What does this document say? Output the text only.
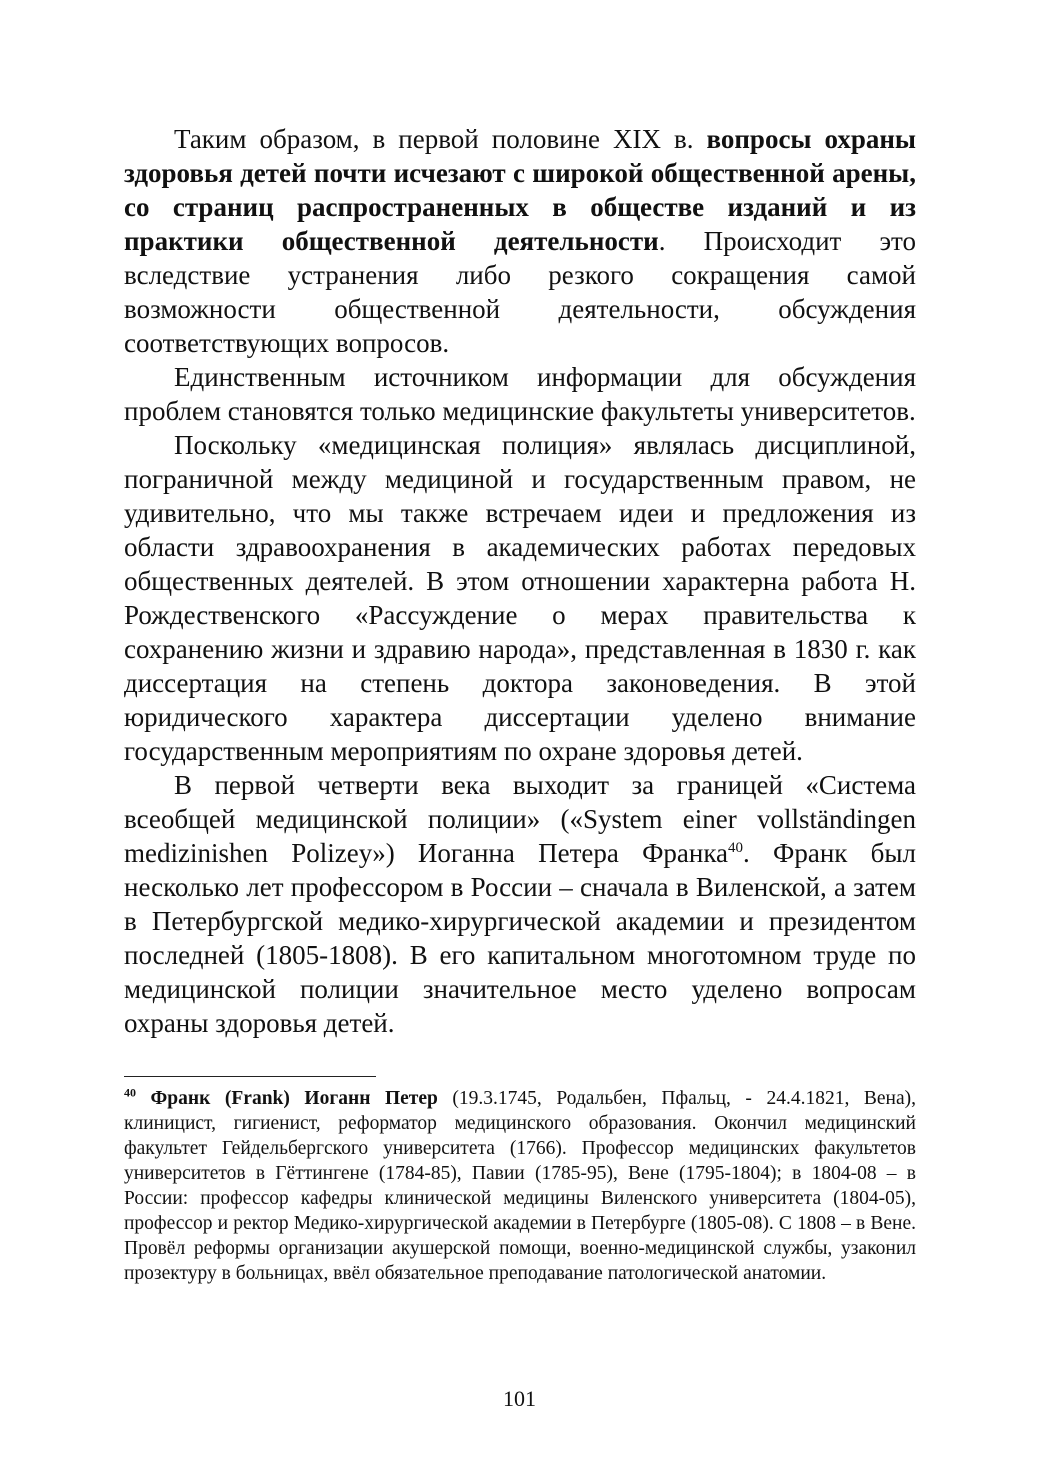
Таким образом, в первой половине XIX в. вопросы охраны здоровья детей почти исчезают с широкой общественной арены, со страниц распространенных в обществе изданий и из практики общественной деятельности. Происходит это вследствие устранения либо резкого сокращения самой возможности общественной деятельности, обсуждения соответствующих вопросов.

Единственным источником информации для обсуждения проблем становятся только медицинские факультеты университетов.

Поскольку «медицинская полиция» являлась дисциплиной, пограничной между медициной и государственным правом, не удивительно, что мы также встречаем идеи и предложения из области здравоохранения в академических работах передовых общественных деятелей. В этом отношении характерна работа Н. Рождественского «Рассуждение о мерах правительства к сохранению жизни и здравию народа», представленная в 1830 г. как диссертация на степень доктора законоведения. В этой юридического характера диссертации уделено внимание государственным мероприятиям по охране здоровья детей.

В первой четверти века выходит за границей «Система всеобщей медицинской полиции» («System einer vollständingen medizinishen Polizey») Иоганна Петера Франка$^{40}$. Франк был несколько лет профессором в России – сначала в Виленской, а затем в Петербургской медико-хирургической академии и президентом последней (1805-1808). В его капитальном многотомном труде по медицинской полиции значительное место уделено вопросам охраны здоровья детей.

$^{40}$ Франк (Frank) Иоганн Петер (19.3.1745, Родальбен, Пфальц, - 24.4.1821, Вена), клиницист, гигиенист, реформатор медицинского образования. Окончил медицинский факультет Гейдельбергского университета (1766). Профессор медицинских факультетов университетов в Гёттингене (1784-85), Павии (1785-95), Вене (1795-1804); в 1804-08 – в России: профессор кафедры клинической медицины Виленского университета (1804-05), профессор и ректор Медико-хирургической академии в Петербурге (1805-08). С 1808 – в Вене. Провёл реформы организации акушерской помощи, военно-медицинской службы, узаконил прозектуру в больницах, ввёл обязательное преподавание патологической анатомии.

101
